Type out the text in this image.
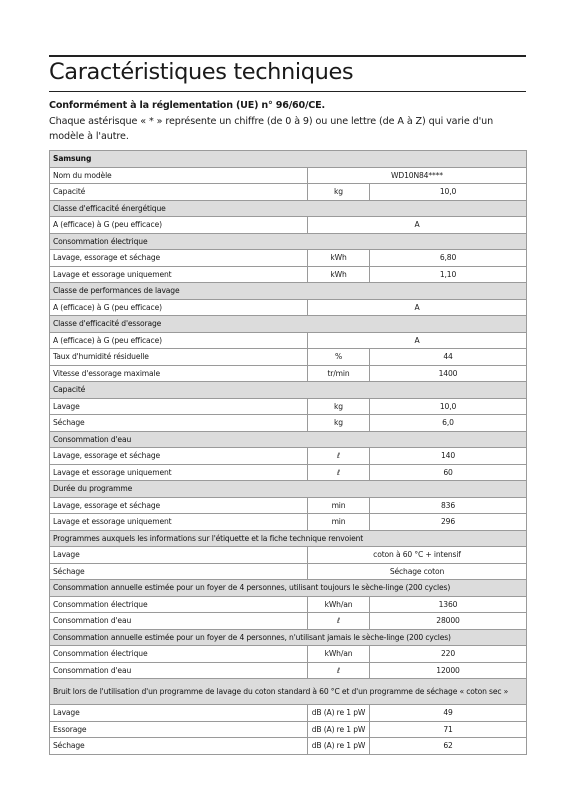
Caractéristiques techniques
Conformément à la réglementation (UE) n° 96/60/CE.
Chaque astérisque « * » représente un chiffre (de 0 à 9) ou une lettre (de A à Z) qui varie d'un modèle à l'autre.
Samsung		
Nom du modèle	WD10N84****	
Capacité	kg	10,0
Classe d'efficacité énergétique		
A (efficace) à G (peu efficace)	A	
Consommation électrique		
Lavage, essorage et séchage	kWh	6,80
Lavage et essorage uniquement	kWh	1,10
Classe de performances de lavage		
A (efficace) à G (peu efficace)	A	
Classe d'efficacité d'essorage		
A (efficace) à G (peu efficace)	A	
Taux d'humidité résiduelle	%	44
Vitesse d'essorage maximale	tr/min	1400
Capacité		
Lavage	kg	10,0
Séchage	kg	6,0
Consommation d'eau		
Lavage, essorage et séchage	ℓ	140
Lavage et essorage uniquement	ℓ	60
Durée du programme		
Lavage, essorage et séchage	min	836
Lavage et essorage uniquement	min	296
Programmes auxquels les informations sur l'étiquette et la fiche technique renvoient		
Lavage	coton à 60 °C + intensif	
Séchage	Séchage coton	
Consommation annuelle estimée pour un foyer de 4 personnes, utilisant toujours le sèche-linge (200 cycles)		
Consommation électrique	kWh/an	1360
Consommation d'eau	ℓ	28000
Consommation annuelle estimée pour un foyer de 4 personnes, n'utilisant jamais le sèche-linge (200 cycles)		
Consommation électrique	kWh/an	220
Consommation d'eau	ℓ	12000
Bruit lors de l'utilisation d'un programme de lavage du coton standard à 60 °C et d'un programme de séchage « coton sec »		
Lavage	dB (A) re 1 pW	49
Essorage	dB (A) re 1 pW	71
Séchage	dB (A) re 1 pW	62
